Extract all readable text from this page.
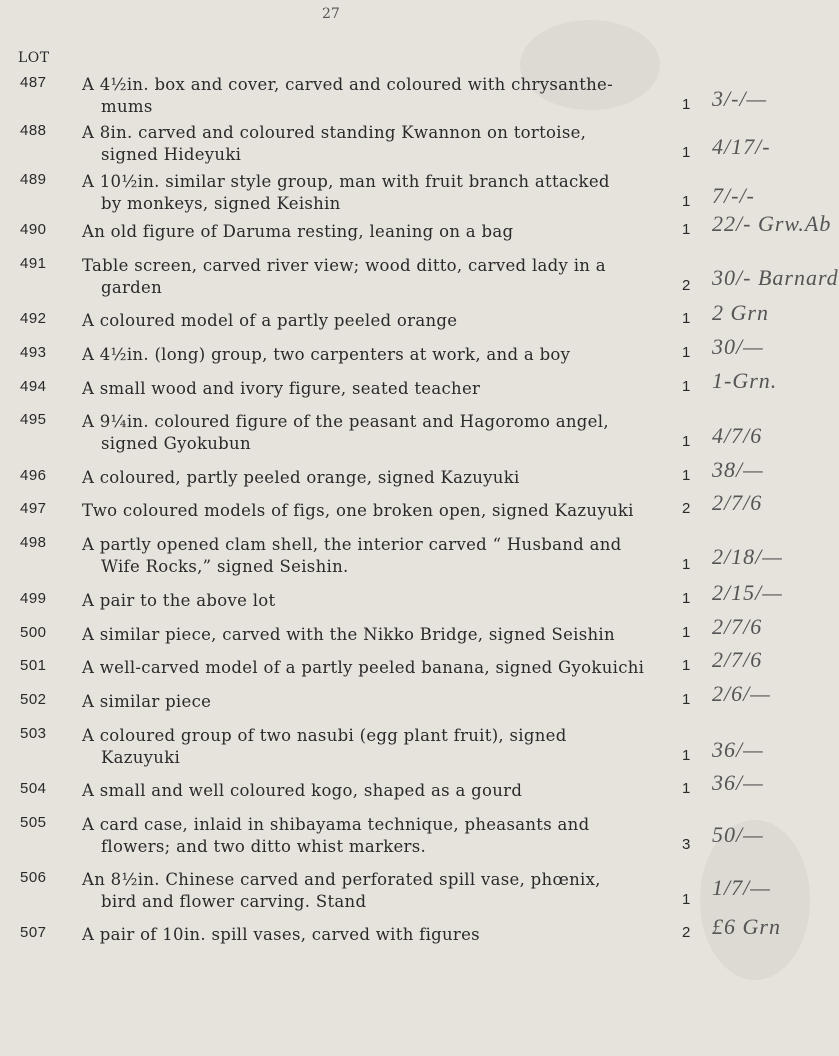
27
LOT
487 A 4½in. box and cover, carved and coloured with chrysanthe-
mums	1 3/-/—
488 A 8in. carved and coloured standing Kwannon on tortoise,
signed Hideyuki	1 4/17/-
489 A 10½in. similar style group, man with fruit branch attacked
by monkeys, signed Keishin	1 7/-/-
490 An old figure of Daruma resting, leaning on a bag	1 22/- Grw.Ab
491 Table screen, carved river view; wood ditto, carved lady in a
garden	2 30/- Barnard
492 A coloured model of a partly peeled orange	1 2 Grn
493 A 4½in. (long) group, two carpenters at work, and a boy	1 30/—
494 A small wood and ivory figure, seated teacher	1 1-Grn.
495 A 9¼in. coloured figure of the peasant and Hagoromo angel,
signed Gyokubun	1 4/7/6
496 A coloured, partly peeled orange, signed Kazuyuki	1 38/—
497 Two coloured models of figs, one broken open, signed Kazuyuki	2 2/7/6
498 A partly opened clam shell, the interior carved “ Husband and
Wife Rocks,” signed Seishin.	1 2/18/—
499 A pair to the above lot	1 2/15/—
500 A similar piece, carved with the Nikko Bridge, signed Seishin	1 2/7/6
501 A well-carved model of a partly peeled banana, signed Gyokuichi	1 2/7/6
502 A similar piece	1 2/6/—
503 A coloured group of two nasubi (egg plant fruit), signed
Kazuyuki	1 36/—
504 A small and well coloured kogo, shaped as a gourd	1 36/—
505 A card case, inlaid in shibayama technique, pheasants and
flowers; and two ditto whist markers.	3 50/—
506 An 8½in. Chinese carved and perforated spill vase, phœnix,
bird and flower carving. Stand	1 1/7/—
507 A pair of 10in. spill vases, carved with figures	2 £6 Grn
